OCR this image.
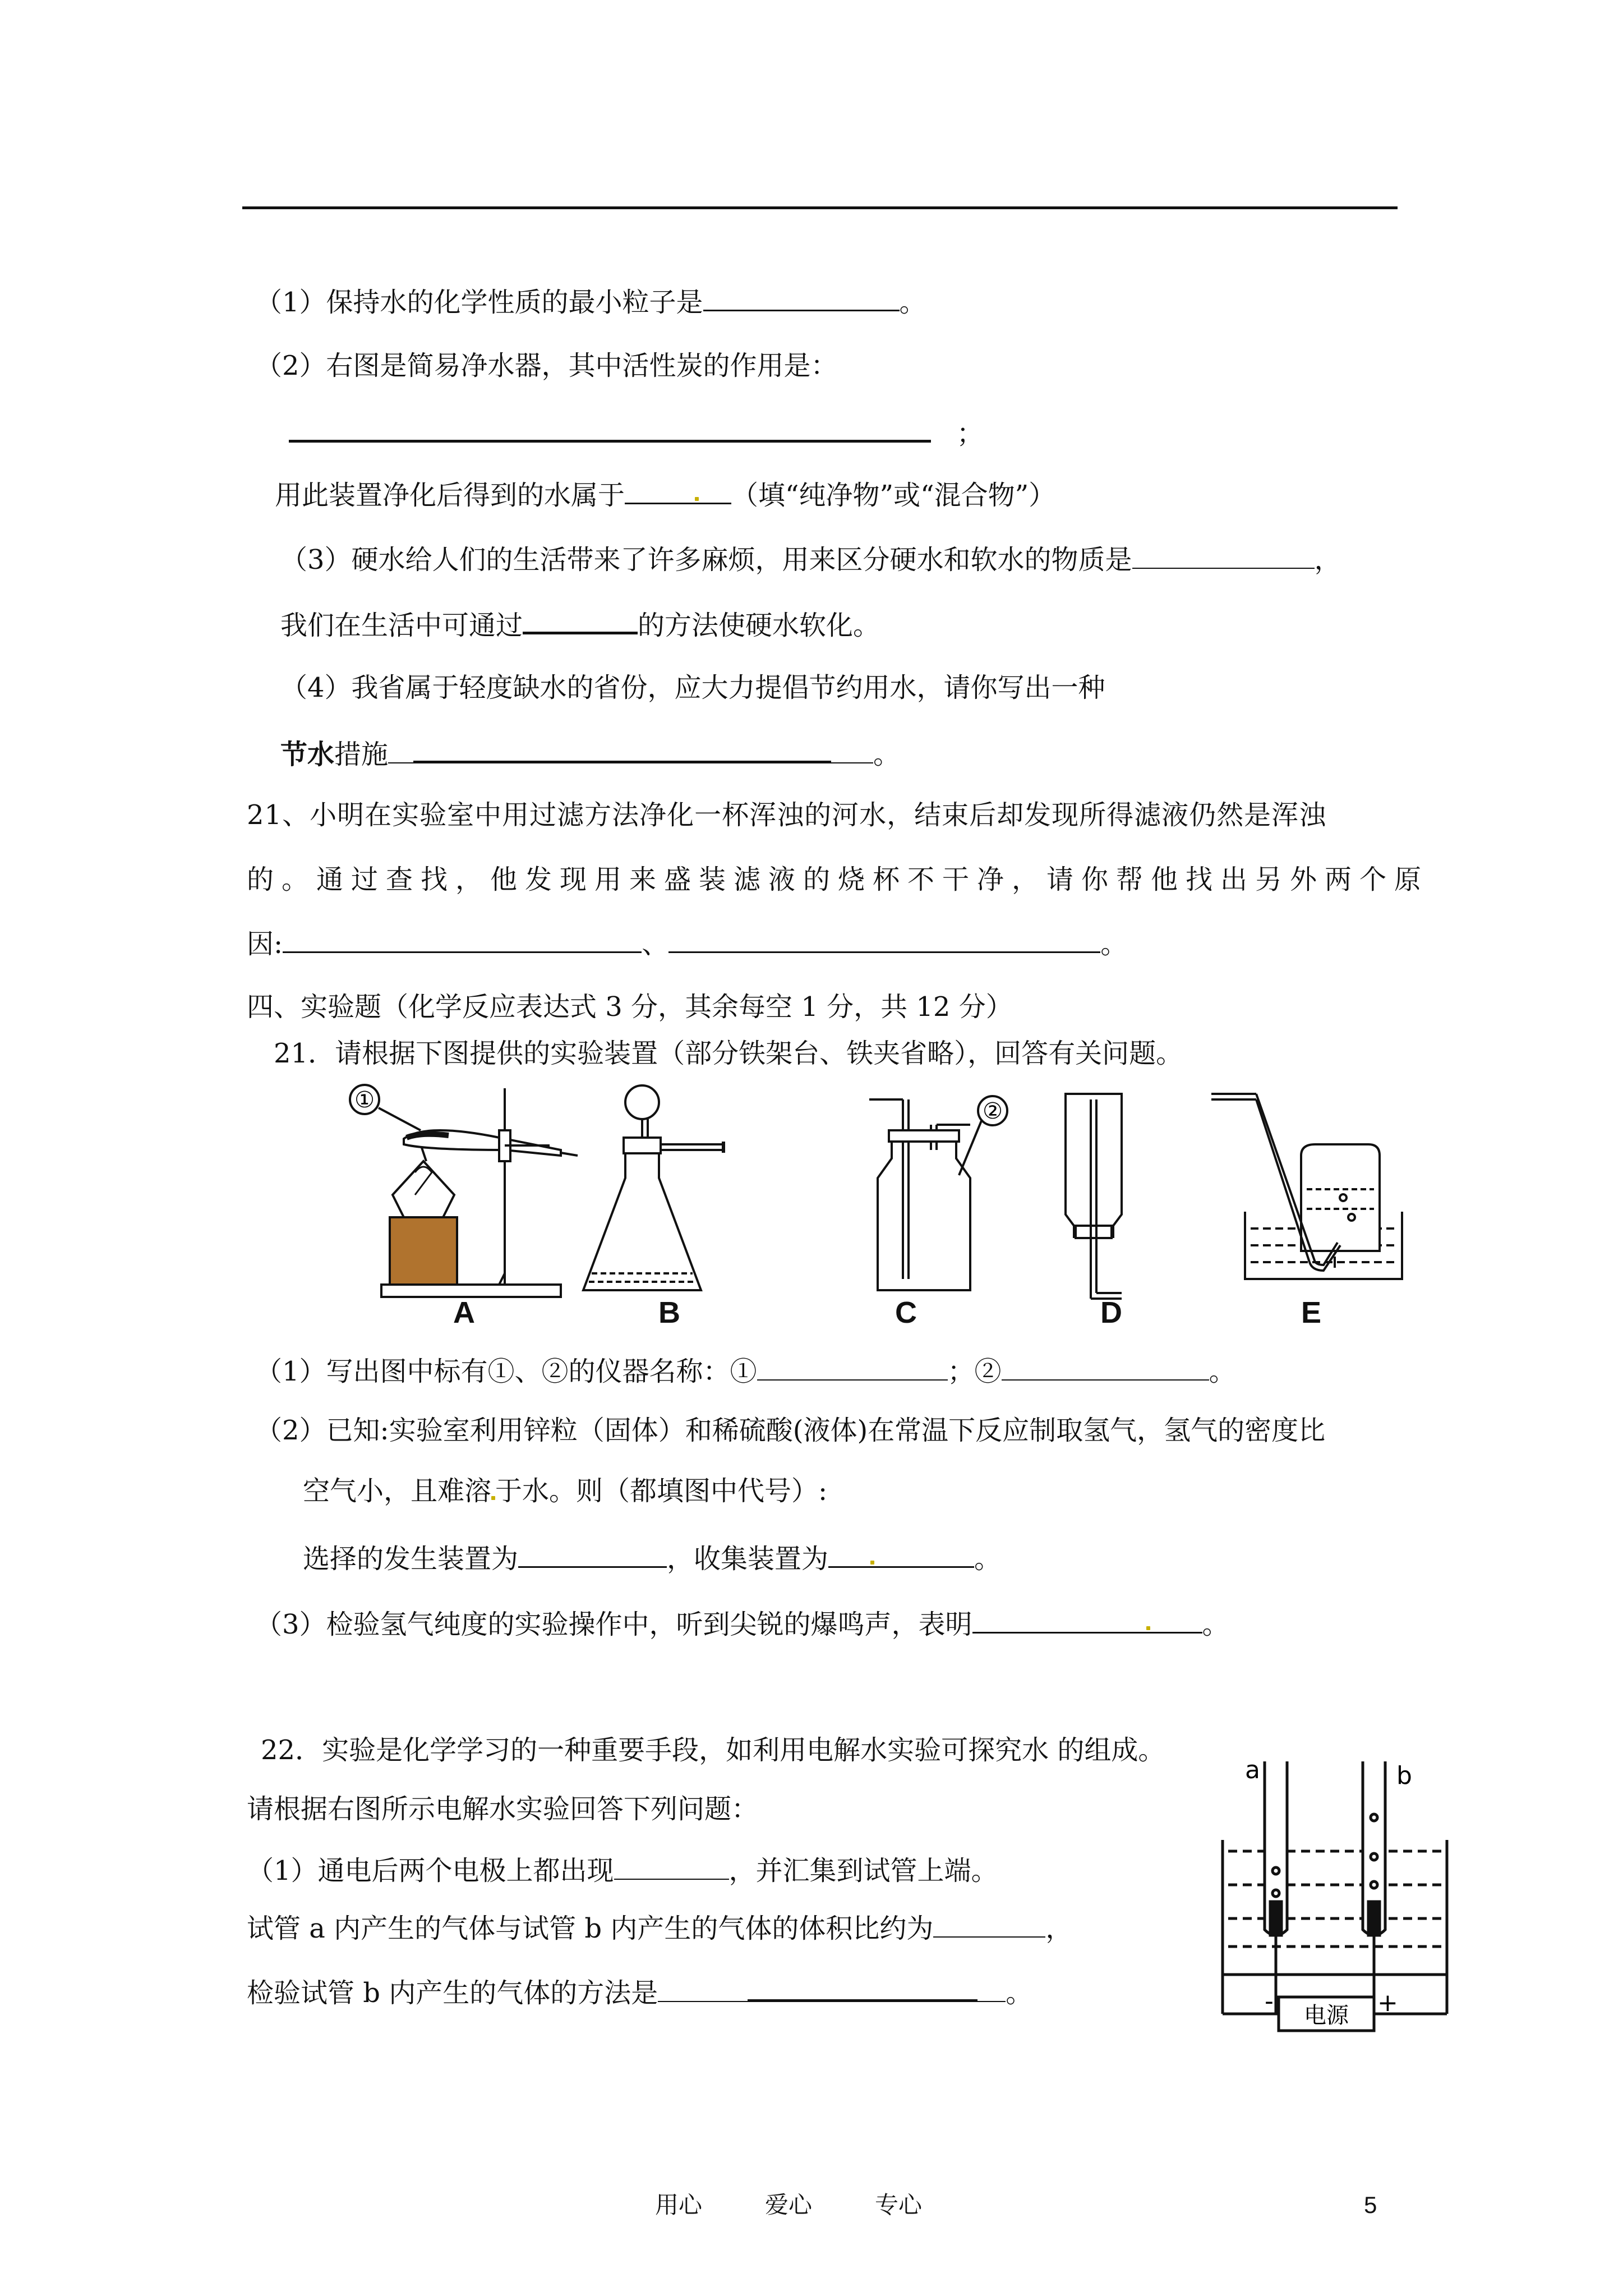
（1）保持水的化学性质的最小粒子是	。
（2）右图是简易净水器，其中活性炭的作用是：
；
用此装置净化后得到的水属于	（填“纯净物”或“混合物”）
（3）硬水给人们的生活带来了许多麻烦，用来区分硬水和软水的物质是	，
我们在生活中可通过	的方法使硬水软化。
（4）我省属于轻度缺水的省份，应大力提倡节约用水，请你写出一种
节水措施	。
21、小明在实验室中用过滤方法净化一杯浑浊的河水，结束后却发现所得滤液仍然是浑浊
的。通过查找，他发现用来盛装滤液的烧杯不干净，请你帮他找出另外两个原
因:	、	。
四、实验题（化学反应表达式 3 分，其余每空 1 分，共 12 分）
21．请根据下图提供的实验装置（部分铁架台、铁夹省略），回答有关问题。
①	②
A	B	C	D	E
（1）写出图中标有①、②的仪器名称：①	；②	。
（2）已知:实验室利用锌粒（固体）和稀硫酸(液体)在常温下反应制取氢气，氢气的密度比
空气小，且难溶 于水。则（都填图中代号）:
选择的发生装置为	，收集装置为	。
（3）检验氢气纯度的实验操作中，听到尖锐的爆鸣声，表明	。
22．实验是化学学习的一种重要手段，如利用电解水实验可探究水 的组成。
请根据右图所示电解水实验回答下列问题：
（1）通电后两个电极上都出现	，并汇集到试管上端。
试管 a 内产生的气体与试管 b 内产生的气体的体积比约为	，
检验试管 b 内产生的气体的方法是	。
a	b
-	+
电源
用心	爱心	专心	5
